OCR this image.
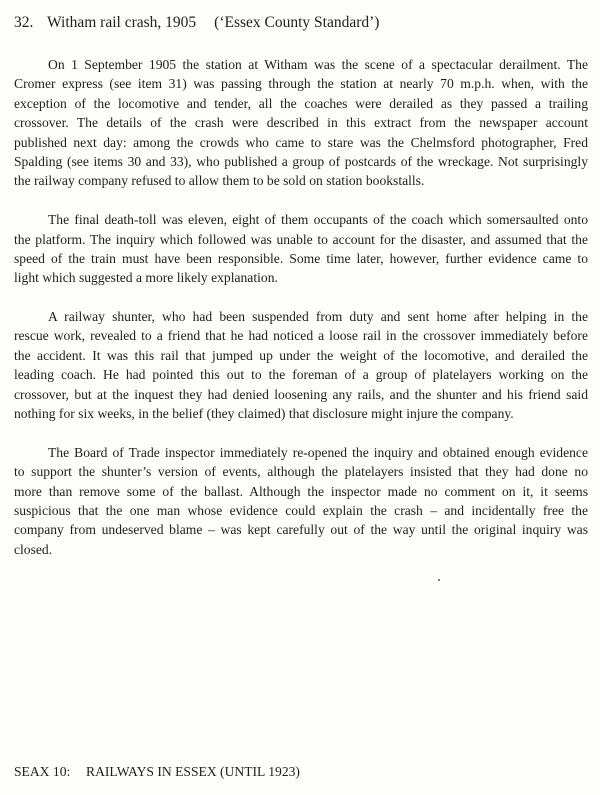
32. Witham rail crash, 1905 (‘Essex County Standard’)
On 1 September 1905 the station at Witham was the scene of a spectacular derailment. The
Cromer express (see item 31) was passing through the station at nearly 70 m.p.h. when, with the
exception of the locomotive and tender, all the coaches were derailed as they passed a trailing
crossover. The details of the crash were described in this extract from the newspaper account
published next day: among the crowds who came to stare was the Chelmsford photographer, Fred
Spalding (see items 30 and 33), who published a group of postcards of the wreckage. Not surprisingly
the railway company refused to allow them to be sold on station bookstalls.
The final death-toll was eleven, eight of them occupants of the coach which somersaulted onto
the platform. The inquiry which followed was unable to account for the disaster, and assumed that the
speed of the train must have been responsible. Some time later, however, further evidence came to
light which suggested a more likely explanation.
A railway shunter, who had been suspended from duty and sent home after helping in the
rescue work, revealed to a friend that he had noticed a loose rail in the crossover immediately before
the accident. It was this rail that jumped up under the weight of the locomotive, and derailed the
leading coach. He had pointed this out to the foreman of a group of platelayers working on the
crossover, but at the inquest they had denied loosening any rails, and the shunter and his friend said
nothing for six weeks, in the belief (they claimed) that disclosure might injure the company.
The Board of Trade inspector immediately re-opened the inquiry and obtained enough evidence
to support the shunter’s version of events, although the platelayers insisted that they had done no
more than remove some of the ballast. Although the inspector made no comment on it, it seems
suspicious that the one man whose evidence could explain the crash – and incidentally free the
company from undeserved blame – was kept carefully out of the way until the original inquiry was
closed.
SEAX 10: RAILWAYS IN ESSEX (UNTIL 1923)
